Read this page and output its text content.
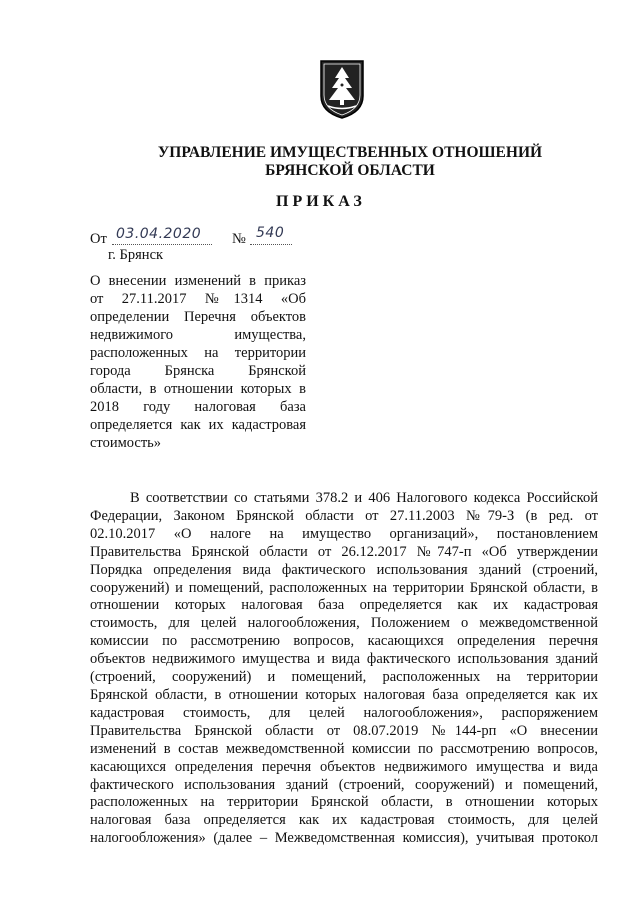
УПРАВЛЕНИЕ ИМУЩЕСТВЕННЫХ ОТНОШЕНИЙ
БРЯНСКОЙ ОБЛАСТИ
ПРИКАЗ
От 03.04.2020 № 540
г. Брянск
О внесении изменений в приказ
от 27.11.2017 №1314 «Об
определении Перечня объектов
недвижимого имущества,
расположенных на территории
города Брянска Брянской
области, в отношении которых в
2018 году налоговая база
определяется как их кадастровая
стоимость»
В соответствии со статьями 378.2 и 406 Налогового кодекса Российской
Федерации, Законом Брянской области от 27.11.2003 №79-З (в ред. от
02.10.2017 «О налоге на имущество организаций», постановлением
Правительства Брянской области от 26.12.2017 №747-п «Об утверждении
Порядка определения вида фактического использования зданий (строений,
сооружений) и помещений, расположенных на территории Брянской области, в
отношении которых налоговая база определяется как их кадастровая
стоимость, для целей налогообложения, Положением о межведомственной
комиссии по рассмотрению вопросов, касающихся определения перечня
объектов недвижимого имущества и вида фактического использования зданий
(строений, сооружений) и помещений, расположенных на территории
Брянской области, в отношении которых налоговая база определяется как их
кадастровая стоимость, для целей налогообложения», распоряжением
Правительства Брянской области от 08.07.2019 №144-рп «О внесении
изменений в состав межведомственной комиссии по рассмотрению вопросов,
касающихся определения перечня объектов недвижимого имущества и вида
фактического использования зданий (строений, сооружений) и помещений,
расположенных на территории Брянской области, в отношении которых
налоговая база определяется как их кадастровая стоимость, для целей
налогообложения» (далее – Межведомственная комиссия), учитывая протокол
